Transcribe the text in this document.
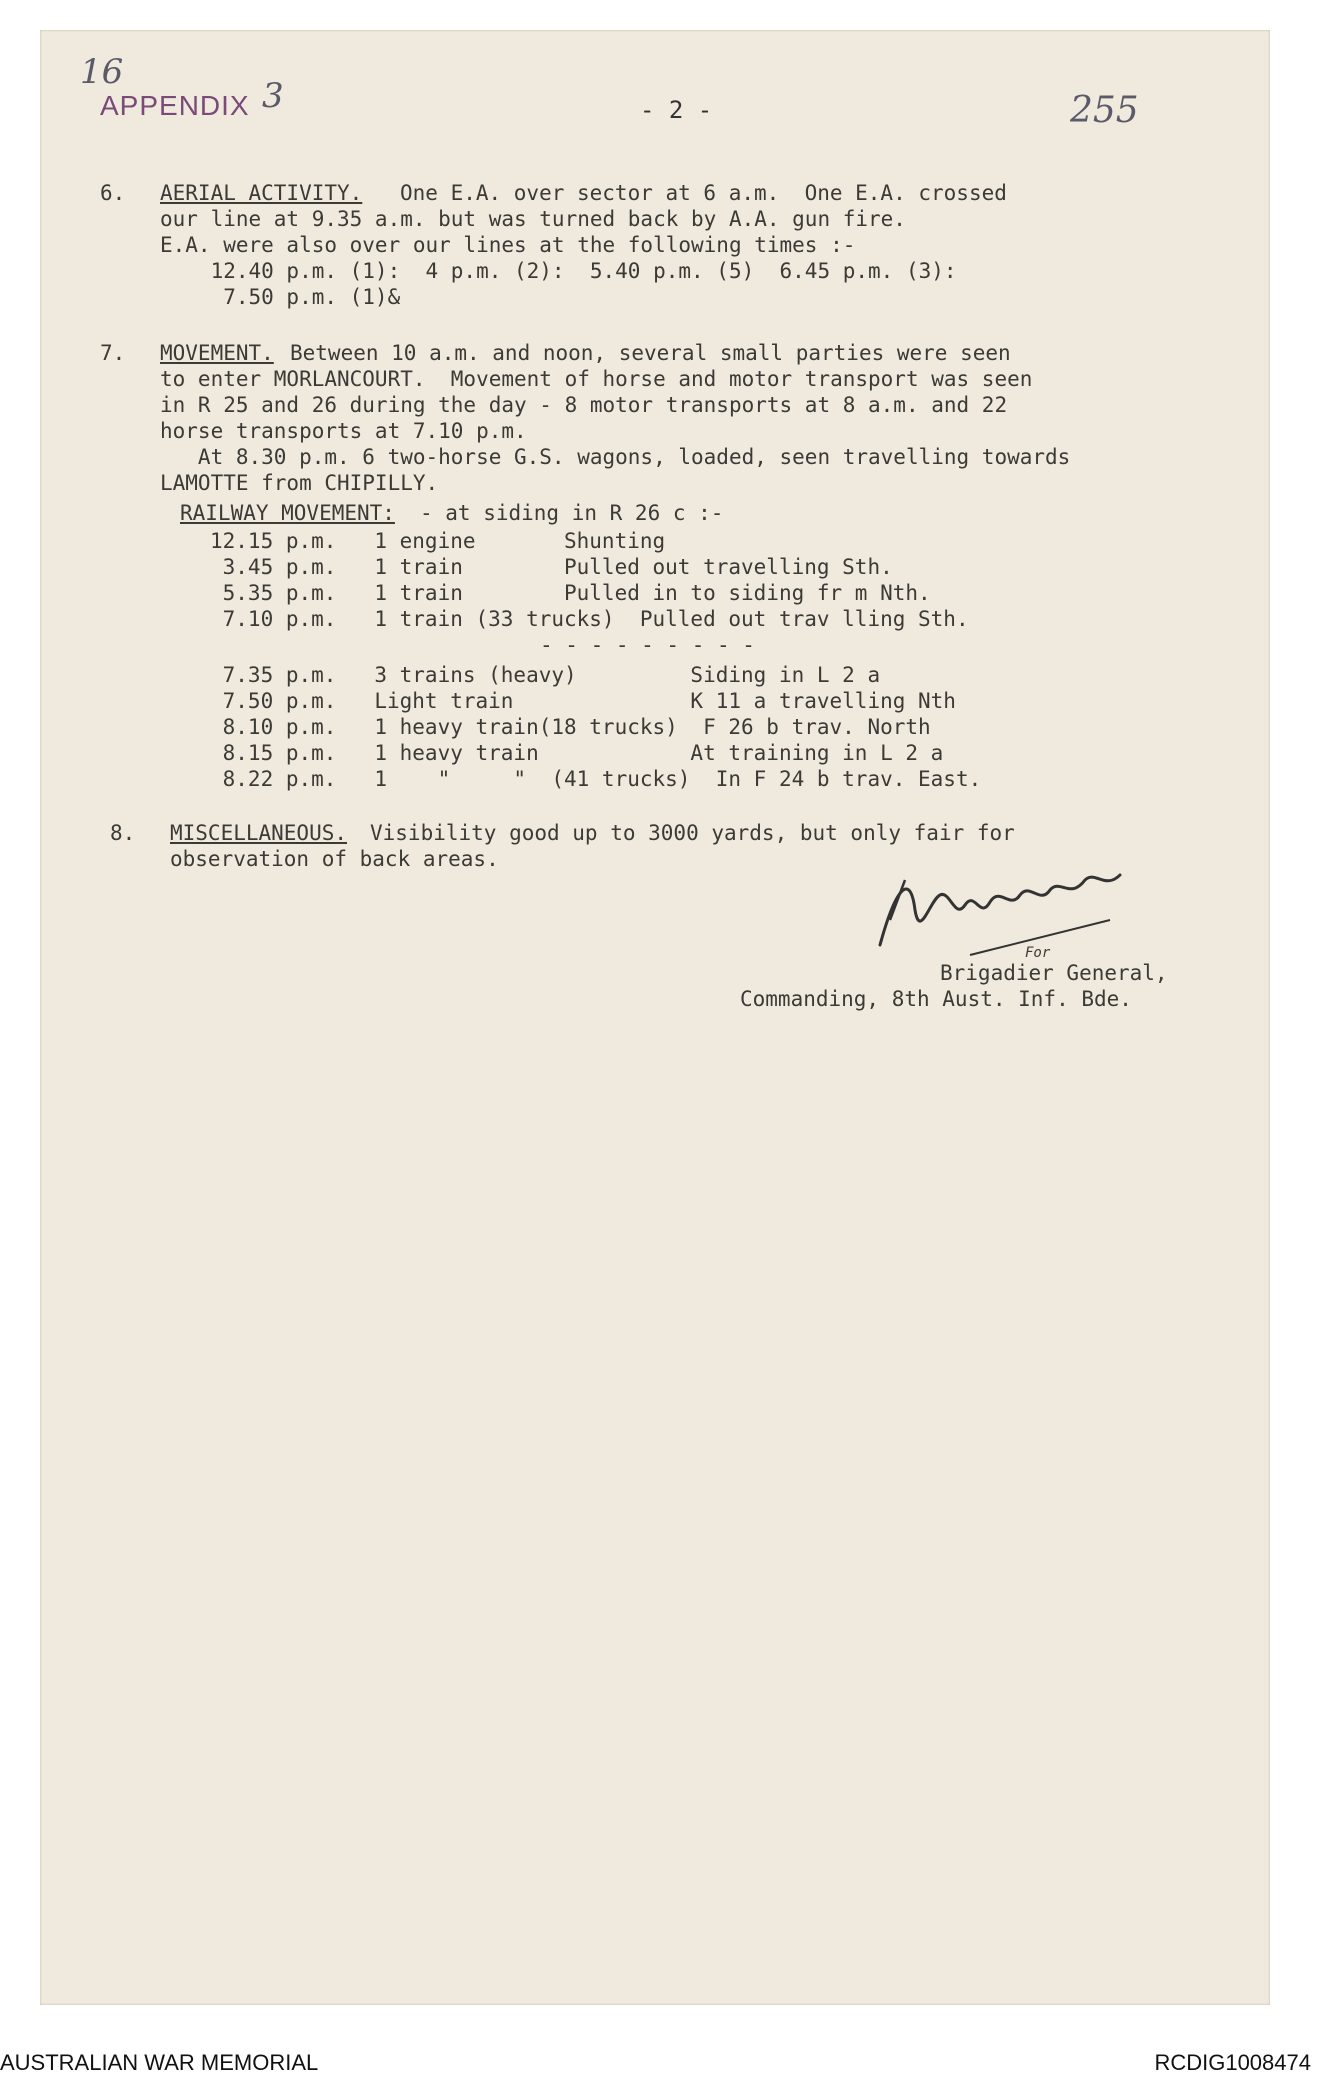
16
APPENDIX 3	- 2 -	255
6. AERIAL ACTIVITY. One E.A. over sector at 6 a.m.  One E.A. crossed
our line at 9.35 a.m. but was turned back by A.A. gun fire.
E.A. were also over our lines at the following times :-
12.40 p.m. (1):  4 p.m. (2):  5.40 p.m. (5)  6.45 p.m. (3):
7.50 p.m. (1)&
7. MOVEMENT. Between 10 a.m. and noon, several small parties were seen
to enter MORLANCOURT.  Movement of horse and motor transport was seen
in R 25 and 26 during the day - 8 motor transports at 8 a.m. and 22
horse transports at 7.10 p.m.
At 8.30 p.m. 6 two-horse G.S. wagons, loaded, seen travelling towards
LAMOTTE from CHIPILLY.
RAILWAY MOVEMENT: - at siding in R 26 c :-
12.15 p.m.   1 engine       Shunting
3.45 p.m.   1 train        Pulled out travelling Sth.
5.35 p.m.   1 train        Pulled in to siding fr m Nth.
7.10 p.m.   1 train (33 trucks)  Pulled out trav lling Sth.
- - - - - - - - -
7.35 p.m.   3 trains (heavy)         Siding in L 2 a
7.50 p.m.   Light train              K 11 a travelling Nth
8.10 p.m.   1 heavy train(18 trucks)  F 26 b trav. North
8.15 p.m.   1 heavy train            At training in L 2 a
8.22 p.m.   1    "     "  (41 trucks)  In F 24 b trav. East.
8. MISCELLANEOUS. Visibility good up to 3000 yards, but only fair for
observation of back areas.
For
Brigadier General,
Commanding, 8th Aust. Inf. Bde.
AUSTRALIAN WAR MEMORIAL	RCDIG1008474
